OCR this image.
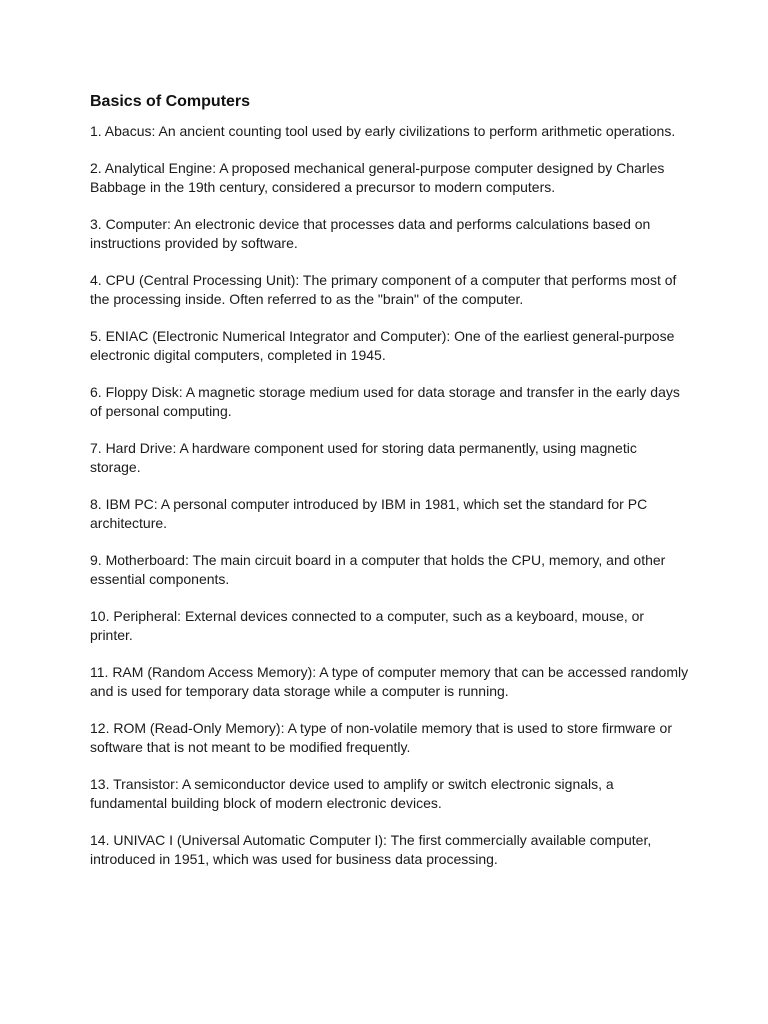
Basics of Computers
1. Abacus: An ancient counting tool used by early civilizations to perform arithmetic operations.
2. Analytical Engine: A proposed mechanical general-purpose computer designed by Charles Babbage in the 19th century, considered a precursor to modern computers.
3. Computer: An electronic device that processes data and performs calculations based on instructions provided by software.
4. CPU (Central Processing Unit): The primary component of a computer that performs most of the processing inside. Often referred to as the "brain" of the computer.
5. ENIAC (Electronic Numerical Integrator and Computer): One of the earliest general-purpose electronic digital computers, completed in 1945.
6. Floppy Disk: A magnetic storage medium used for data storage and transfer in the early days of personal computing.
7. Hard Drive: A hardware component used for storing data permanently, using magnetic storage.
8. IBM PC: A personal computer introduced by IBM in 1981, which set the standard for PC architecture.
9. Motherboard: The main circuit board in a computer that holds the CPU, memory, and other essential components.
10. Peripheral: External devices connected to a computer, such as a keyboard, mouse, or printer.
11. RAM (Random Access Memory): A type of computer memory that can be accessed randomly and is used for temporary data storage while a computer is running.
12. ROM (Read-Only Memory): A type of non-volatile memory that is used to store firmware or software that is not meant to be modified frequently.
13. Transistor: A semiconductor device used to amplify or switch electronic signals, a fundamental building block of modern electronic devices.
14. UNIVAC I (Universal Automatic Computer I): The first commercially available computer, introduced in 1951, which was used for business data processing.
